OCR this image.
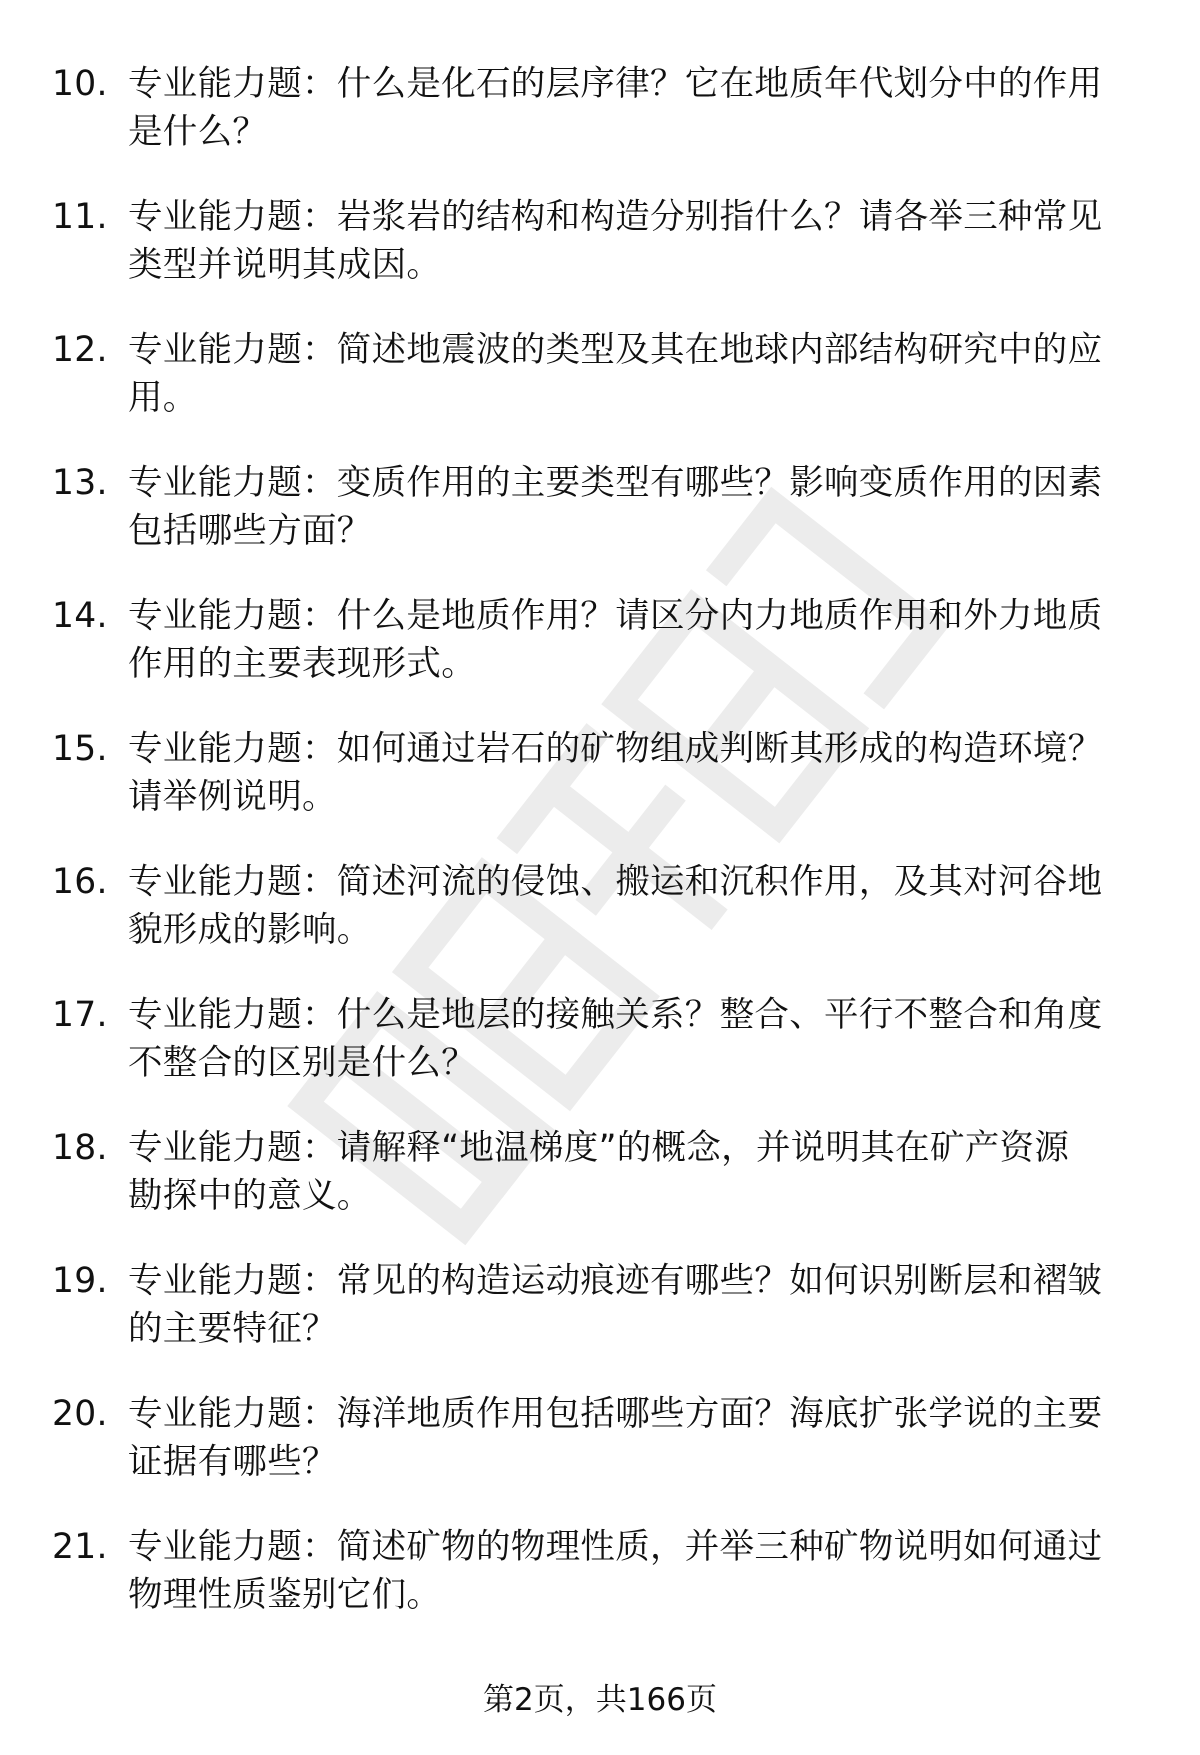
10. 专业能力题：什么是化石的层序律？它在地质年代划分中的作用
是什么？

11. 专业能力题：岩浆岩的结构和构造分别指什么？请各举三种常见
类型并说明其成因。

12. 专业能力题：简述地震波的类型及其在地球内部结构研究中的应
用。

13. 专业能力题：变质作用的主要类型有哪些？影响变质作用的因素
包括哪些方面？

14. 专业能力题：什么是地质作用？请区分内力地质作用和外力地质
作用的主要表现形式。

15. 专业能力题：如何通过岩石的矿物组成判断其形成的构造环境？
请举例说明。

16. 专业能力题：简述河流的侵蚀、搬运和沉积作用，及其对河谷地
貌形成的影响。

17. 专业能力题：什么是地层的接触关系？整合、平行不整合和角度
不整合的区别是什么？

18. 专业能力题：请解释“地温梯度”的概念，并说明其在矿产资源
勘探中的意义。

19. 专业能力题：常见的构造运动痕迹有哪些？如何识别断层和褶皱
的主要特征？

20. 专业能力题：海洋地质作用包括哪些方面？海底扩张学说的主要
证据有哪些？

21. 专业能力题：简述矿物的物理性质，并举三种矿物说明如何通过
物理性质鉴别它们。

第2页，共166页
